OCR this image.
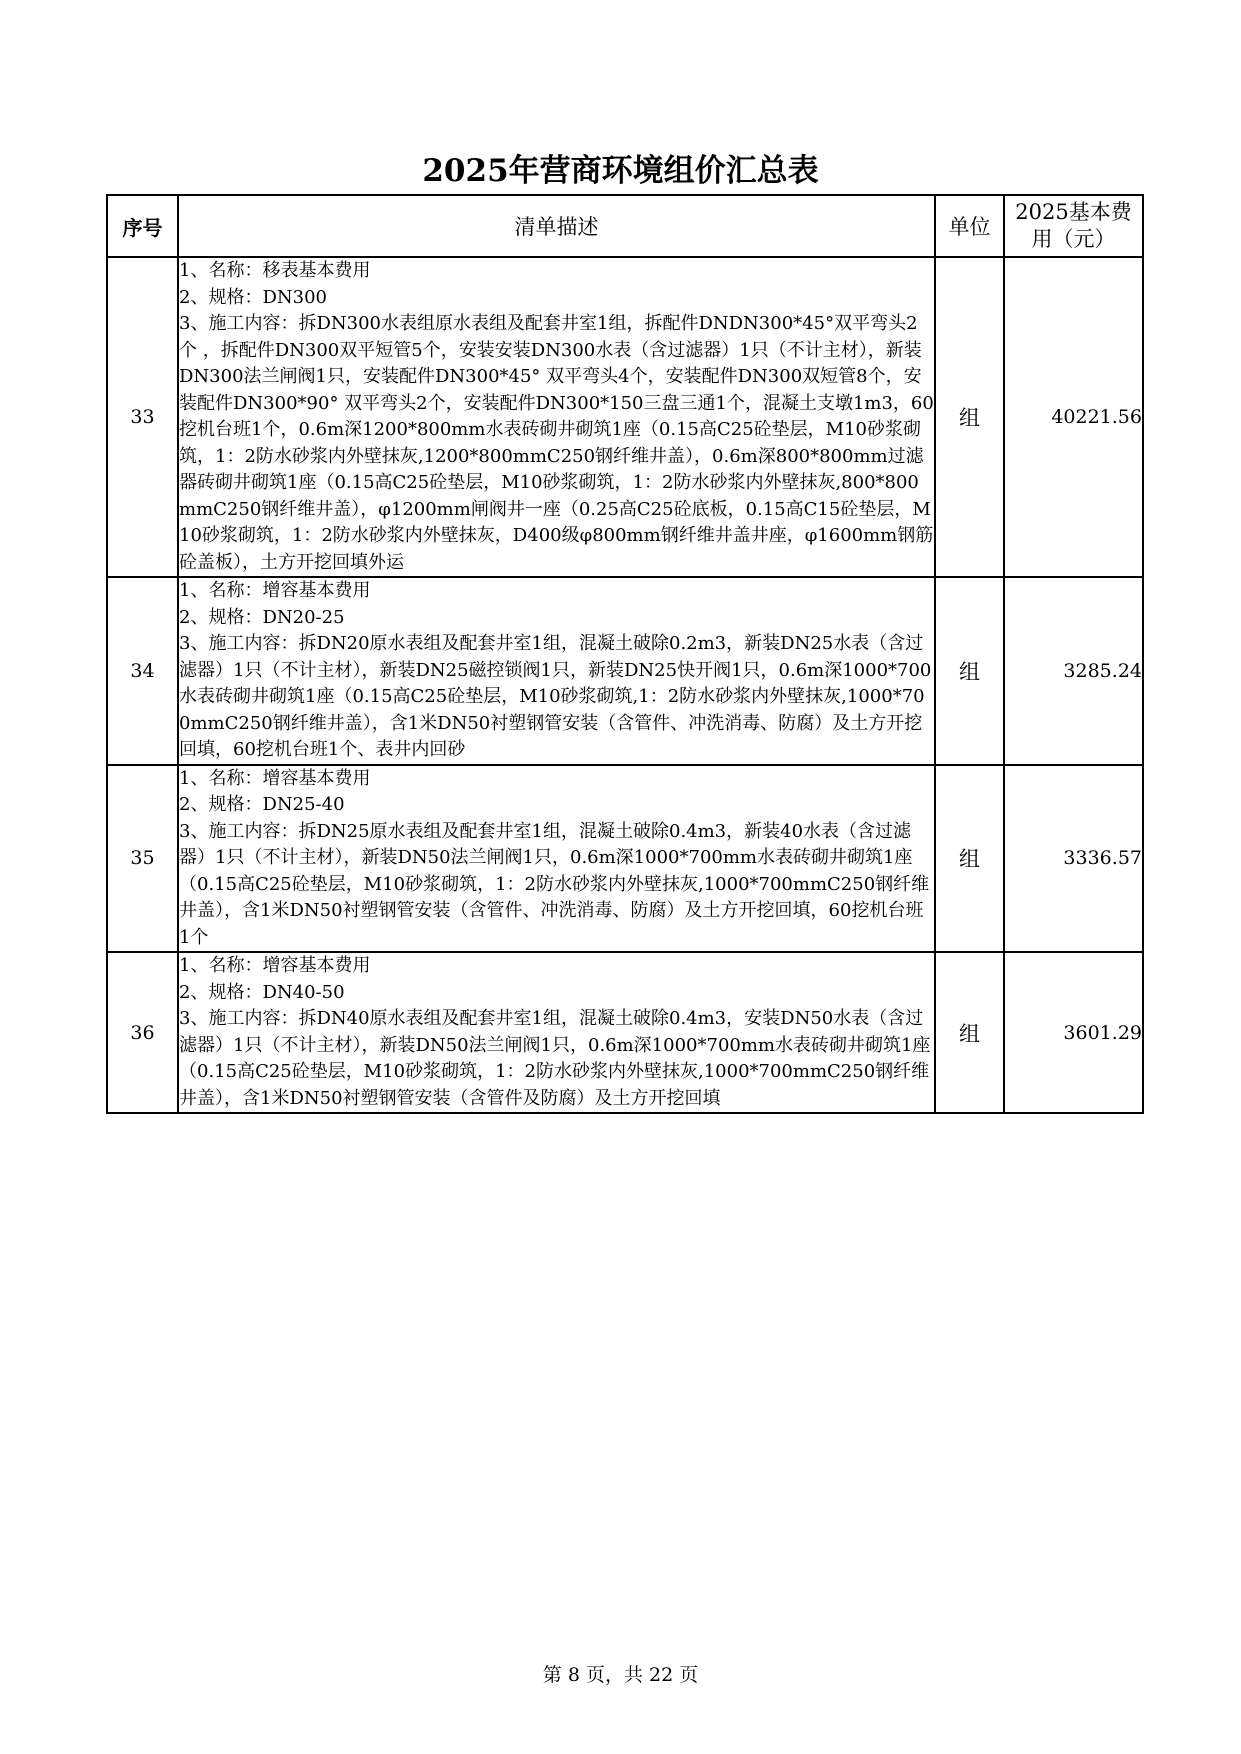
2025年营商环境组价汇总表
序号	清单描述	单位	2025基本费用（元）
33	1、名称：移表基本费用
2、规格：DN300
3、施工内容：拆DN300水表组原水表组及配套井室1组，拆配件DNDN300*45°双平弯头2个 ，拆配件DN300双平短管5个，安装安装DN300水表（含过滤器）1只（不计主材），新装DN300法兰闸阀1只，安装配件DN300*45° 双平弯头4个，安装配件DN300双短管8个，安装配件DN300*90° 双平弯头2个，安装配件DN300*150三盘三通1个，混凝土支墩1m3，60挖机台班1个，0.6m深1200*800mm水表砖砌井砌筑1座（0.15高C25砼垫层，M10砂浆砌筑，1：2防水砂浆内外壁抹灰,1200*800mmC250钢纤维井盖），0.6m深800*800mm过滤器砖砌井砌筑1座（0.15高C25砼垫层，M10砂浆砌筑，1：2防水砂浆内外壁抹灰,800*800mmC250钢纤维井盖），φ1200mm闸阀井一座（0.25高C25砼底板，0.15高C15砼垫层，M10砂浆砌筑，1：2防水砂浆内外壁抹灰，D400级φ800mm钢纤维井盖井座，φ1600mm钢筋砼盖板），土方开挖回填外运	组	40221.56
34	1、名称：增容基本费用
2、规格：DN20-25
3、施工内容：拆DN20原水表组及配套井室1组，混凝土破除0.2m3，新装DN25水表（含过滤器）1只（不计主材），新装DN25磁控锁阀1只，新装DN25快开阀1只，0.6m深1000*700水表砖砌井砌筑1座（0.15高C25砼垫层，M10砂浆砌筑,1：2防水砂浆内外壁抹灰,1000*700mmC250钢纤维井盖），含1米DN50衬塑钢管安装（含管件、冲洗消毒、防腐）及土方开挖回填，60挖机台班1个、表井内回砂	组	3285.24
35	1、名称：增容基本费用
2、规格：DN25-40
3、施工内容：拆DN25原水表组及配套井室1组，混凝土破除0.4m3，新装40水表（含过滤器）1只（不计主材），新装DN50法兰闸阀1只，0.6m深1000*700mm水表砖砌井砌筑1座（0.15高C25砼垫层，M10砂浆砌筑，1：2防水砂浆内外壁抹灰,1000*700mmC250钢纤维井盖），含1米DN50衬塑钢管安装（含管件、冲洗消毒、防腐）及土方开挖回填，60挖机台班1个	组	3336.57
36	1、名称：增容基本费用
2、规格：DN40-50
3、施工内容：拆DN40原水表组及配套井室1组，混凝土破除0.4m3，安装DN50水表（含过滤器）1只（不计主材），新装DN50法兰闸阀1只，0.6m深1000*700mm水表砖砌井砌筑1座（0.15高C25砼垫层，M10砂浆砌筑，1：2防水砂浆内外壁抹灰,1000*700mmC250钢纤维井盖），含1米DN50衬塑钢管安装（含管件及防腐）及土方开挖回填	组	3601.29
第 8 页，共 22 页
